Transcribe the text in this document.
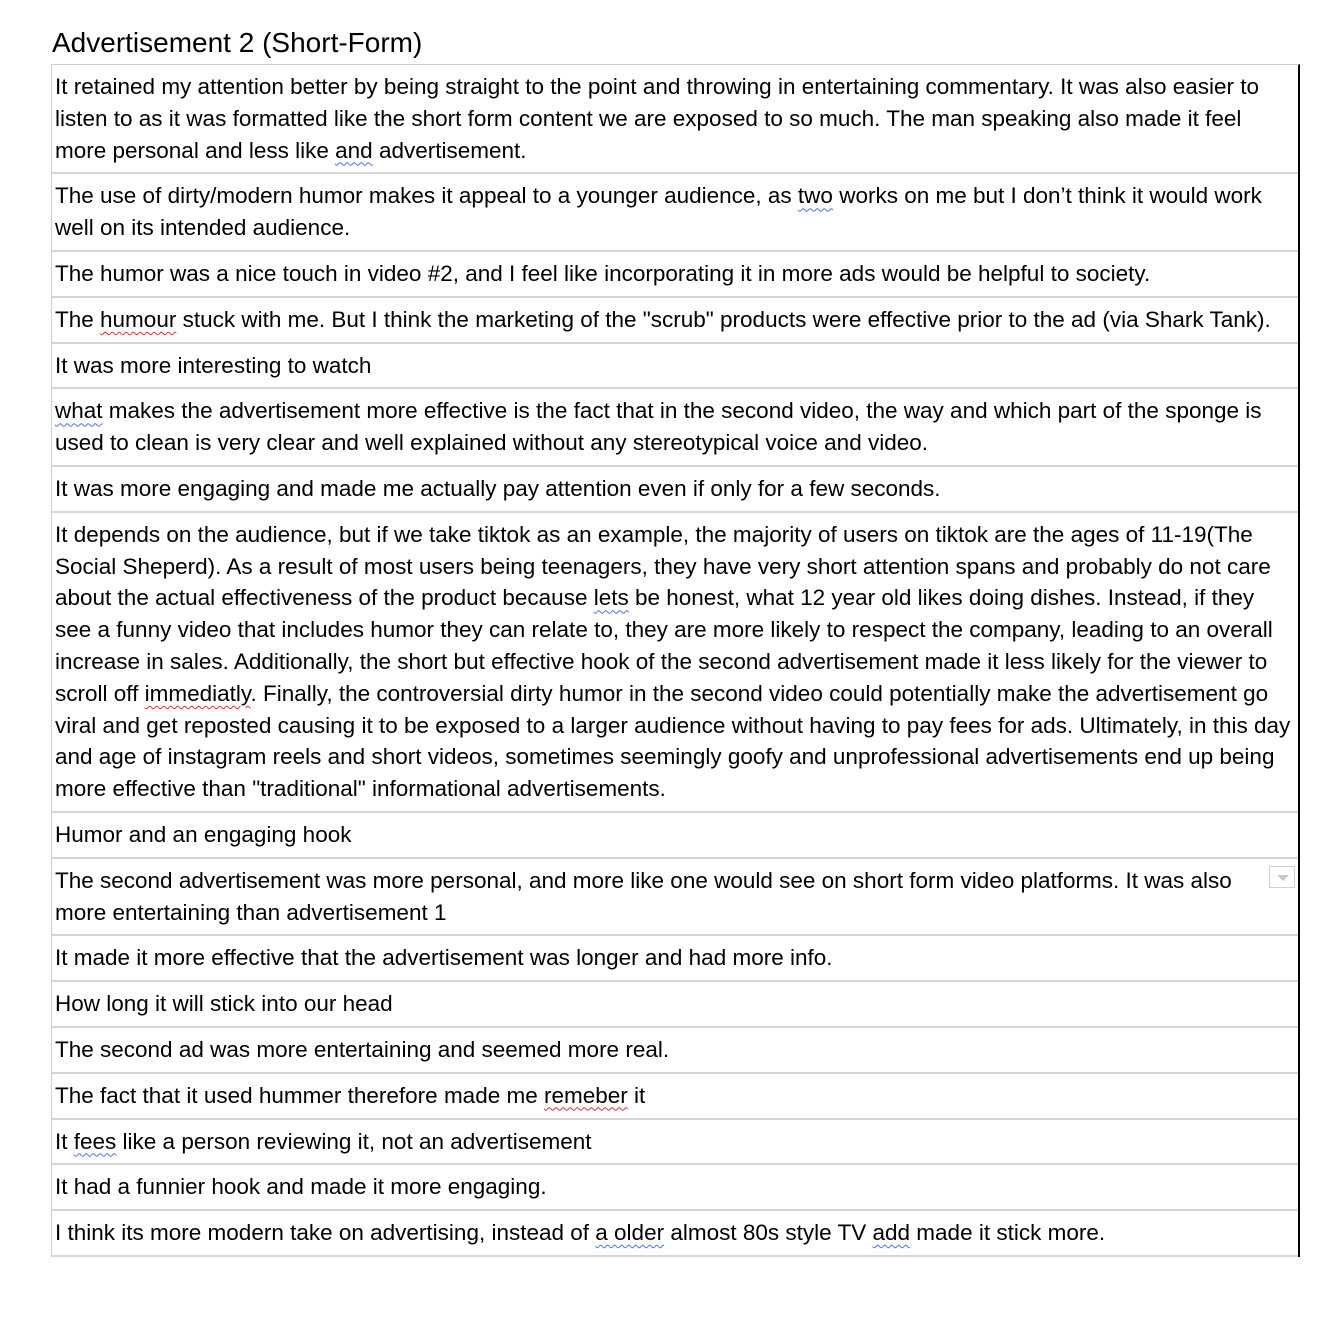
Advertisement 2 (Short-Form)
It retained my attention better by being straight to the point and throwing in entertaining commentary. It was also easier to listen to as it was formatted like the short form content we are exposed to so much. The man speaking also made it feel more personal and less like and advertisement.
The use of dirty/modern humor makes it appeal to a younger audience, as two works on me but I don’t think it would work well on its intended audience.
The humor was a nice touch in video #2, and I feel like incorporating it in more ads would be helpful to society.
The humour stuck with me. But I think the marketing of the "scrub" products were effective prior to the ad (via Shark Tank).
It was more interesting to watch
what makes the advertisement more effective is the fact that in the second video, the way and which part of the sponge is used to clean is very clear and well explained without any stereotypical voice and video.
It was more engaging and made me actually pay attention even if only for a few seconds.
It depends on the audience, but if we take tiktok as an example, the majority of users on tiktok are the ages of 11-19(The Social Sheperd). As a result of most users being teenagers, they have very short attention spans and probably do not care about the actual effectiveness of the product because lets be honest, what 12 year old likes doing dishes. Instead, if they see a funny video that includes humor they can relate to, they are more likely to respect the company, leading to an overall increase in sales. Additionally, the short but effective hook of the second advertisement made it less likely for the viewer to scroll off immediatly. Finally, the controversial dirty humor in the second video could potentially make the advertisement go viral and get reposted causing it to be exposed to a larger audience without having to pay fees for ads. Ultimately, in this day and age of instagram reels and short videos, sometimes seemingly goofy and unprofessional advertisements end up being more effective than "traditional" informational advertisements.
Humor and an engaging hook
The second advertisement was more personal, and more like one would see on short form video platforms. It was also more entertaining than advertisement 1
It made it more effective that the advertisement was longer and had more info.
How long it will stick into our head
The second ad was more entertaining and seemed more real.
The fact that it used hummer therefore made me remeber it
It fees like a person reviewing it, not an advertisement
It had a funnier hook and made it more engaging.
I think its more modern take on advertising, instead of a older almost 80s style TV add made it stick more.
